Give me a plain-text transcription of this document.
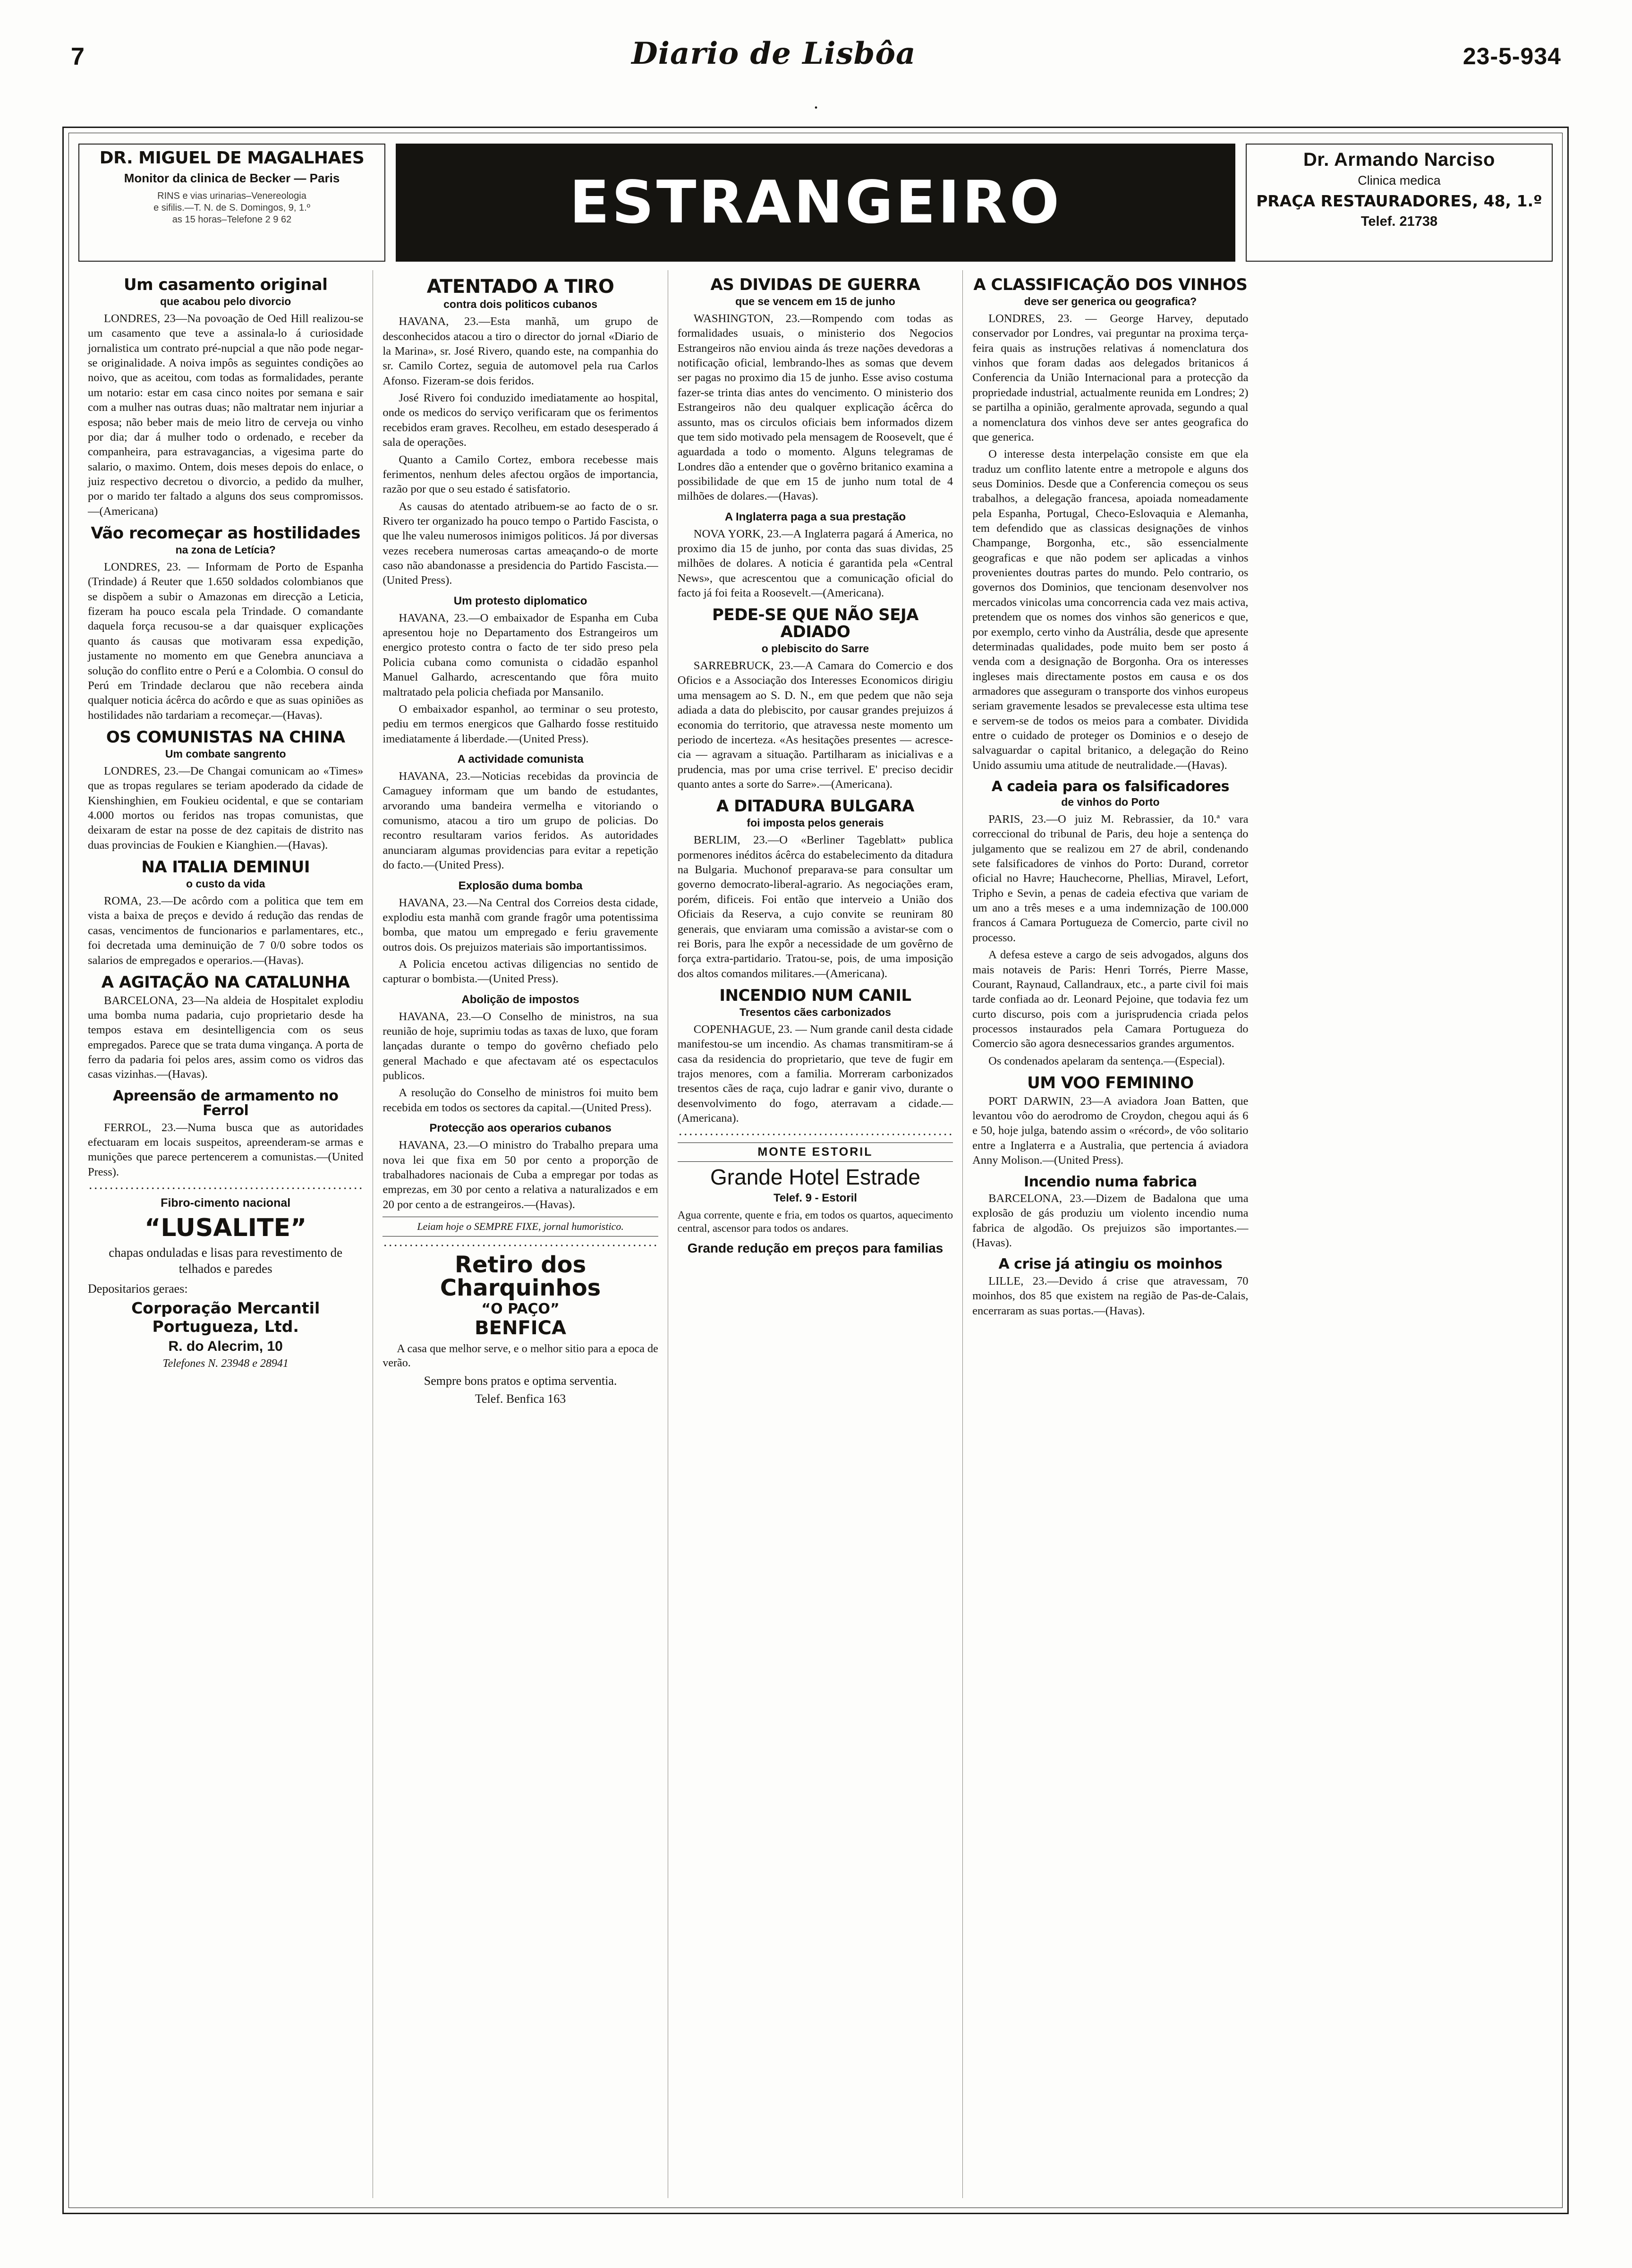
7	Diario de Lisbôa	23-5-934
DR. MIGUEL DE MAGALHAES
Monitor da clinica de Becker — Paris
RINS e vias urinarias–Venereologia
e sifilis.—T. N. de S. Domingos, 9, 1.º
as 15 horas–Telefone 2 9 62	ESTRANGEIRO
Dr. Armando Narciso
Clinica medica
PRAÇA RESTAURADORES, 48, 1.º
Telef. 21738
Um casamento original
que acabou pelo divorcio

LONDRES, 23—Na povoação de Oed Hill realizou-se um casamento que teve a assinala-lo á curiosidade jornalistica um contrato pré-nupcial a que não pode negar-se originalidade. A noiva impôs as seguintes condições ao noivo, que as aceitou, com todas as formalidades, perante um notario: estar em casa cinco noites por semana e sair com a mulher nas outras duas; não maltratar nem injuriar a esposa; não beber mais de meio litro de cerveja ou vinho por dia; dar á mulher todo o ordenado, e receber da companheira, para estravagancias, a vigesima parte do salario, o maximo. Ontem, dois meses depois do enlace, o juiz respectivo decretou o divorcio, a pedido da mulher, por o marido ter faltado a alguns dos seus compromissos.—(Americana)

Vão recomeçar as hostilidades
na zona de Letícia?

LONDRES, 23. — Informam de Porto de Espanha (Trindade) á Reuter que 1.650 soldados colombianos que se dispõem a subir o Amazonas em direcção a Leticia, fizeram ha pouco escala pela Trindade. O comandante daquela força recusou-se a dar quaisquer explicações quanto ás causas que motivaram essa expedição, justamente no momento em que Genebra anunciava a solução do conflito entre o Perú e a Colombia. O consul do Perú em Trindade declarou que não recebera ainda qualquer noticia ácêrca do acôrdo e que as suas opiniões as hostilidades não tardariam a recomeçar.—(Havas).

OS COMUNISTAS NA CHINA
Um combate sangrento

LONDRES, 23.—De Changai comunicam ao «Times» que as tropas regulares se teriam apoderado da cidade de Kienshinghien, em Foukieu ocidental, e que se contariam 4.000 mortos ou feridos nas tropas comunistas, que deixaram de estar na posse de dez capitais de distrito nas duas provincias de Foukien e Kianghien.—(Havas).

NA ITALIA DEMINUI
o custo da vida

ROMA, 23.—De acôrdo com a politica que tem em vista a baixa de preços e devido á redução das rendas de casas, vencimentos de funcionarios e parlamentares, etc., foi decretada uma deminuição de 7 0/0 sobre todos os salarios de empregados e operarios.—(Havas).

A AGITAÇÃO NA CATALUNHA

BARCELONA, 23—Na aldeia de Hospitalet explodiu uma bomba numa padaria, cujo proprietario desde ha tempos estava em desintelligencia com os seus empregados. Parece que se trata duma vingança. A porta de ferro da padaria foi pelos ares, assim como os vidros das casas vizinhas.—(Havas).

Apreensão de armamento no Ferrol

FERROL, 23.—Numa busca que as autoridades efectuaram em locais suspeitos, apreenderam-se armas e munições que parece pertencerem a comunistas.—(United Press).

Fibro-cimento nacional
“LUSALITE”
chapas onduladas e lisas para revestimento de telhados e paredes
Depositarios geraes:
Corporação Mercantil Portugueza, Ltd.
R. do Alecrim, 10
Telefones N. 23948 e 28941
ATENTADO A TIRO
contra dois politicos cubanos

HAVANA, 23.—Esta manhã, um grupo de desconhecidos atacou a tiro o director do jornal «Diario de la Marina», sr. José Rivero, quando este, na companhia do sr. Camilo Cortez, seguia de automovel pela rua Carlos Afonso. Fizeram-se dois feridos.

José Rivero foi conduzido imediatamente ao hospital, onde os medicos do serviço verificaram que os ferimentos recebidos eram graves. Recolheu, em estado desesperado á sala de operações.

Quanto a Camilo Cortez, embora recebesse mais ferimentos, nenhum deles afectou orgãos de importancia, razão por que o seu estado é satisfatorio.

As causas do atentado atribuem-se ao facto de o sr. Rivero ter organizado ha pouco tempo o Partido Fascista, o que lhe valeu numerosos inimigos politicos. Já por diversas vezes recebera numerosas cartas ameaçando-o de morte caso não abandonasse a presidencia do Partido Fascista.—(United Press).

Um protesto diplomatico

HAVANA, 23.—O embaixador de Espanha em Cuba apresentou hoje no Departamento dos Estrangeiros um energico protesto contra o facto de ter sido preso pela Policia cubana como comunista o cidadão espanhol Manuel Galhardo, acrescentando que fôra muito maltratado pela policia chefiada por Mansanilo.

O embaixador espanhol, ao terminar o seu protesto, pediu em termos energicos que Galhardo fosse restituido imediatamente á liberdade.—(United Press).

A actividade comunista

HAVANA, 23.—Noticias recebidas da provincia de Camaguey informam que um bando de estudantes, arvorando uma bandeira vermelha e vitoriando o comunismo, atacou a tiro um grupo de policias. Do recontro resultaram varios feridos. As autoridades anunciaram algumas providencias para evitar a repetição do facto.—(United Press).

Explosão duma bomba

HAVANA, 23.—Na Central dos Correios desta cidade, explodiu esta manhã com grande fragôr uma potentissima bomba, que matou um empregado e feriu gravemente outros dois. Os prejuizos materiais são importantissimos.

A Policia encetou activas diligencias no sentido de capturar o bombista.—(United Press).

Abolição de impostos

HAVANA, 23.—O Conselho de ministros, na sua reunião de hoje, suprimiu todas as taxas de luxo, que foram lançadas durante o tempo do govêrno chefiado pelo general Machado e que afectavam até os espectaculos publicos.

A resolução do Conselho de ministros foi muito bem recebida em todos os sectores da capital.—(United Press).

Protecção aos operarios cubanos

HAVANA, 23.—O ministro do Trabalho prepara uma nova lei que fixa em 50 por cento a proporção de trabalhadores nacionais de Cuba a empregar por todas as emprezas, em 30 por cento a relativa a naturalizados e em 20 por cento a de estrangeiros.—(Havas).

Leiam hoje o SEMPRE FIXE, jornal humoristico.
Retiro dos Charquinhos
“O PAÇO”
BENFICA
A casa que melhor serve, e o melhor sitio para a epoca de verão.
Sempre bons pratos e optima serventia.
Telef. Benfica 163
AS DIVIDAS DE GUERRA
que se vencem em 15 de junho

WASHINGTON, 23.—Rompendo com todas as formalidades usuais, o ministerio dos Negocios Estrangeiros não enviou ainda ás treze nações devedoras a notificação oficial, lembrando-lhes as somas que devem ser pagas no proximo dia 15 de junho. Esse aviso costuma fazer-se trinta dias antes do vencimento. O ministerio dos Estrangeiros não deu qualquer explicação ácêrca do assunto, mas os circulos oficiais bem informados dizem que tem sido motivado pela mensagem de Roosevelt, que é aguardada a todo o momento. Alguns telegramas de Londres dão a entender que o govêrno britanico examina a possibilidade de que em 15 de junho num total de 4 milhões de dolares.—(Havas).

A Inglaterra paga a sua prestação

NOVA YORK, 23.—A Inglaterra pagará á America, no proximo dia 15 de junho, por conta das suas dividas, 25 milhões de dolares. A noticia é garantida pela «Central News», que acrescentou que a comunicação oficial do facto já foi feita a Roosevelt.—(Americana).

PEDE-SE QUE NÃO SEJA ADIADO
o plebiscito do Sarre

SARREBRUCK, 23.—A Camara do Comercio e dos Oficios e a Associação dos Interesses Economicos dirigiu uma mensagem ao S. D. N., em que pedem que não seja adiada a data do plebiscito, por causar grandes prejuizos á economia do territorio, que atravessa neste momento um periodo de incerteza. «As hesitações presentes — acresce-cia — agravam a situação. Partilharam as inicialivas e a prudencia, mas por uma crise terrivel. E' preciso decidir quanto antes a sorte do Sarre».—(Americana).

A DITADURA BULGARA
foi imposta pelos generais

BERLIM, 23.—O «Berliner Tageblatt» publica pormenores inéditos ácêrca do estabelecimento da ditadura na Bulgaria. Muchonof preparava-se para consultar um governo democrato-liberal-agrario. As negociações eram, porém, dificeis. Foi então que interveio a União dos Oficiais da Reserva, a cujo convite se reuniram 80 generais, que enviaram uma comissão a avistar-se com o rei Boris, para lhe expôr a necessidade de um govêrno de força extra-partidario. Tratou-se, pois, de uma imposição dos altos comandos militares.—(Americana).

INCENDIO NUM CANIL
Tresentos cães carbonizados

COPENHAGUE, 23. — Num grande canil desta cidade manifestou-se um incendio. As chamas transmitiram-se á casa da residencia do proprietario, que teve de fugir em trajos menores, com a familia. Morreram carbonizados tresentos cães de raça, cujo ladrar e ganir vivo, durante o desenvolvimento do fogo, aterravam a cidade.—(Americana).

MONTE ESTORIL
Grande Hotel Estrade
Telef. 9 - Estoril
Agua corrente, quente e fria, em todos os quartos, aquecimento central, ascensor para todos os andares.
Grande redução em preços para familias
A CLASSIFICAÇÃO DOS VINHOS
deve ser generica ou geografica?

LONDRES, 23. — George Harvey, deputado conservador por Londres, vai preguntar na proxima terça-feira quais as instruções relativas á nomenclatura dos vinhos que foram dadas aos delegados britanicos á Conferencia da União Internacional para a protecção da propriedade industrial, actualmente reunida em Londres; 2) se partilha a opinião, geralmente aprovada, segundo a qual a nomenclatura dos vinhos deve ser antes geografica do que generica.

O interesse desta interpelação consiste em que ela traduz um conflito latente entre a metropole e alguns dos seus Dominios. Desde que a Conferencia começou os seus trabalhos, a delegação francesa, apoiada nomeadamente pela Espanha, Portugal, Checo-Eslovaquia e Alemanha, tem defendido que as classicas designações de vinhos Champange, Borgonha, etc., são essencialmente geograficas e que não podem ser aplicadas a vinhos provenientes doutras partes do mundo. Pelo contrario, os governos dos Dominios, que tencionam desenvolver nos mercados vinicolas uma concorrencia cada vez mais activa, pretendem que os nomes dos vinhos são genericos e que, por exemplo, certo vinho da Austrália, desde que apresente determinadas qualidades, pode muito bem ser posto á venda com a designação de Borgonha. Ora os interesses ingleses mais directamente postos em causa e os dos armadores que asseguram o transporte dos vinhos europeus seriam gravemente lesados se prevalecesse esta ultima tese e servem-se de todos os meios para a combater. Dividida entre o cuidado de proteger os Dominios e o desejo de salvaguardar o capital britanico, a delegação do Reino Unido assumiu uma atitude de neutralidade.—(Havas).

A cadeia para os falsificadores
de vinhos do Porto

PARIS, 23.—O juiz M. Rebrassier, da 10.ª vara correccional do tribunal de Paris, deu hoje a sentença do julgamento que se realizou em 27 de abril, condenando sete falsificadores de vinhos do Porto: Durand, corretor oficial no Havre; Hauchecorne, Phellias, Miravel, Lefort, Tripho e Sevin, a penas de cadeia efectiva que variam de um ano a três meses e a uma indemnização de 100.000 francos á Camara Portugueza de Comercio, parte civil no processo.

A defesa esteve a cargo de seis advogados, alguns dos mais notaveis de Paris: Henri Torrés, Pierre Masse, Courant, Raynaud, Callandraux, etc., a parte civil foi mais tarde confiada ao dr. Leonard Pejoine, que todavia fez um curto discurso, pois com a jurisprudencia criada pelos processos instaurados pela Camara Portugueza do Comercio são agora desnecessarios grandes argumentos.

Os condenados apelaram da sentença.—(Especial).

UM VOO FEMININO

PORT DARWIN, 23—A aviadora Joan Batten, que levantou vôo do aerodromo de Croydon, chegou aqui ás 6 e 50, hoje julga, batendo assim o «récord», de vôo solitario entre a Inglaterra e a Australia, que pertencia á aviadora Anny Molison.—(United Press).

Incendio numa fabrica

BARCELONA, 23.—Dizem de Badalona que uma explosão de gás produziu um violento incendio numa fabrica de algodão. Os prejuizos são importantes.—(Havas).

A crise já atingiu os moinhos

LILLE, 23.—Devido á crise que atravessam, 70 moinhos, dos 85 que existem na região de Pas-de-Calais, encerraram as suas portas.—(Havas).

·
